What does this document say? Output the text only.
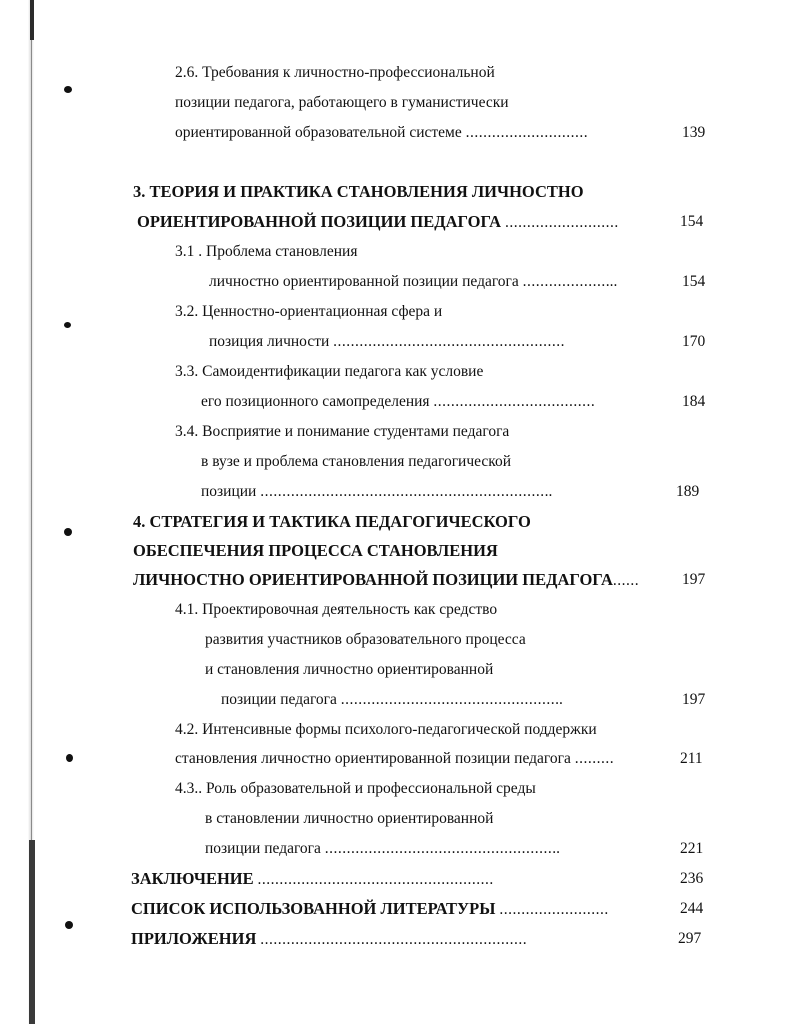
2.6. Требования к личностно-профессиональной
позиции педагога, работающего в гуманистически
ориентированной образовательной системе ............................	139
3. ТЕОРИЯ И ПРАКТИКА СТАНОВЛЕНИЯ ЛИЧНОСТНО
ОРИЕНТИРОВАННОЙ ПОЗИЦИИ ПЕДАГОГА ..........................	154
3.1 . Проблема становления
личностно ориентированной позиции педагога ......................	154
3.2. Ценностно-ориентационная сфера и
позиция личности .....................................................	170
3.3. Самоидентификации педагога как условие
его позиционного самопределения .....................................	184
3.4. Восприятие и понимание студентами педагога
в вузе и проблема становления педагогической
позиции ...................................................................	189
4. СТРАТЕГИЯ И ТАКТИКА ПЕДАГОГИЧЕСКОГО
ОБЕСПЕЧЕНИЯ ПРОЦЕССА СТАНОВЛЕНИЯ
ЛИЧНОСТНО ОРИЕНТИРОВАННОЙ ПОЗИЦИИ ПЕДАГОГА......	197
4.1. Проектировочная деятельность как средство
развития участников образовательного процесса
и становления личностно ориентированной
позиции педагога ...................................................	197
4.2. Интенсивные формы психолого-педагогической поддержки
становления личностно ориентированной позиции педагога .........	211
4.3.. Роль образовательной и профессиональной среды
в становлении личностно ориентированной
позиции педагога ......................................................	221
ЗАКЛЮЧЕНИЕ ......................................................	236
СПИСОК ИСПОЛЬЗОВАННОЙ ЛИТЕРАТУРЫ .........................	244
ПРИЛОЖЕНИЯ .............................................................	297
